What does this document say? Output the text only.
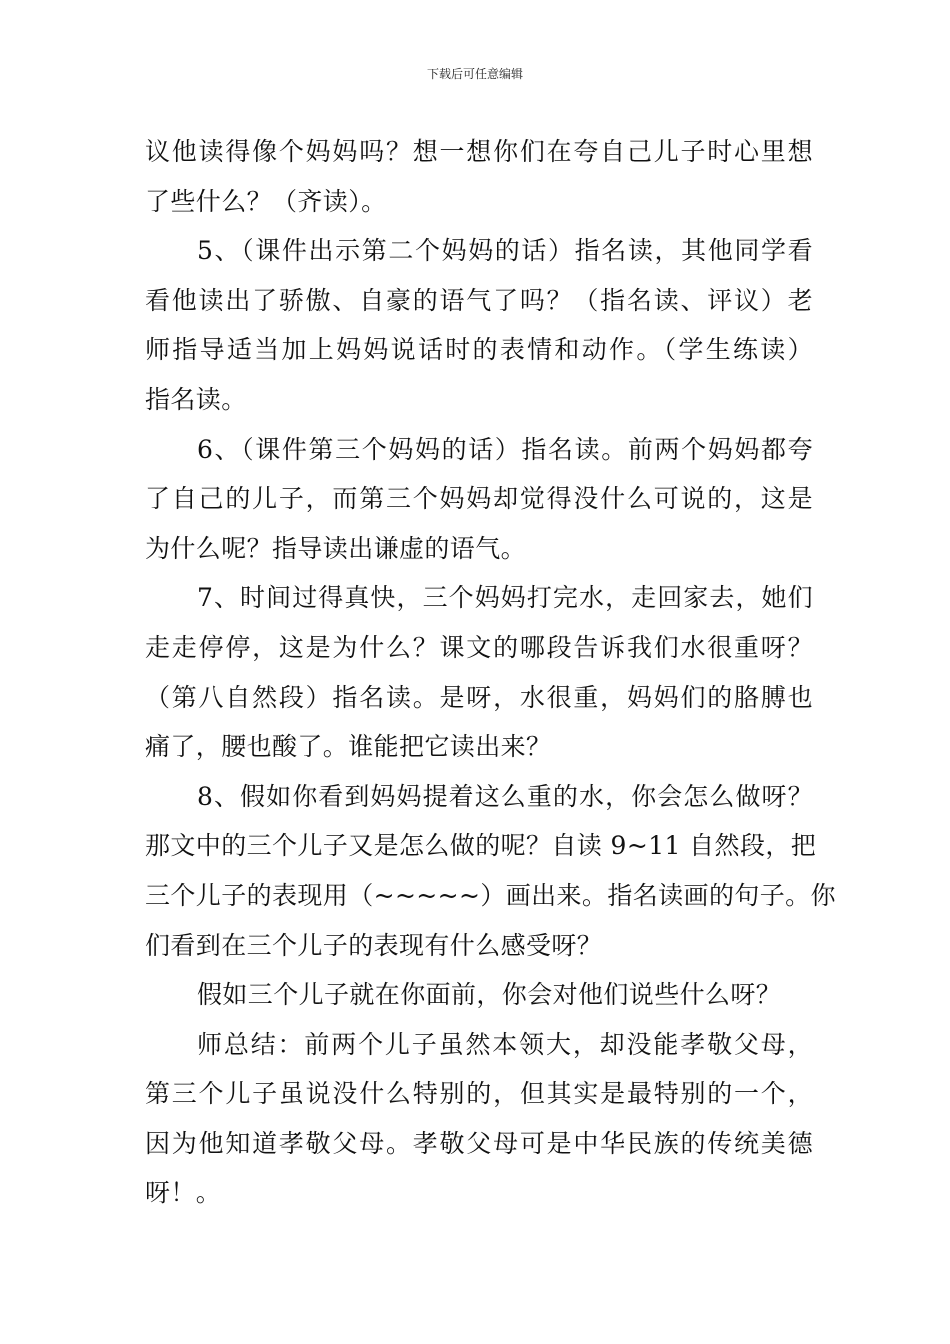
下载后可任意编辑
议他读得像个妈妈吗？想一想你们在夸自己儿子时心里想
了些什么？（齐读）。
5、（课件出示第二个妈妈的话）指名读，其他同学看
看他读出了骄傲、自豪的语气了吗？（指名读、评议）老
师指导适当加上妈妈说话时的表情和动作。（学生练读）
指名读。
6、（课件第三个妈妈的话）指名读。前两个妈妈都夸
了自己的儿子，而第三个妈妈却觉得没什么可说的，这是
为什么呢？指导读出谦虚的语气。
7、时间过得真快，三个妈妈打完水，走回家去，她们
走走停停，这是为什么？课文的哪段告诉我们水很重呀？
（第八自然段）指名读。是呀，水很重，妈妈们的胳膊也
痛了，腰也酸了。谁能把它读出来？
8、假如你看到妈妈提着这么重的水，你会怎么做呀？
那文中的三个儿子又是怎么做的呢？自读 9~11 自然段，把
三个儿子的表现用（~~~~~）画出来。指名读画的句子。你
们看到在三个儿子的表现有什么感受呀？
假如三个儿子就在你面前，你会对他们说些什么呀？
师总结：前两个儿子虽然本领大，却没能孝敬父母，
第三个儿子虽说没什么特别的，但其实是最特别的一个，
因为他知道孝敬父母。孝敬父母可是中华民族的传统美德
呀！。
